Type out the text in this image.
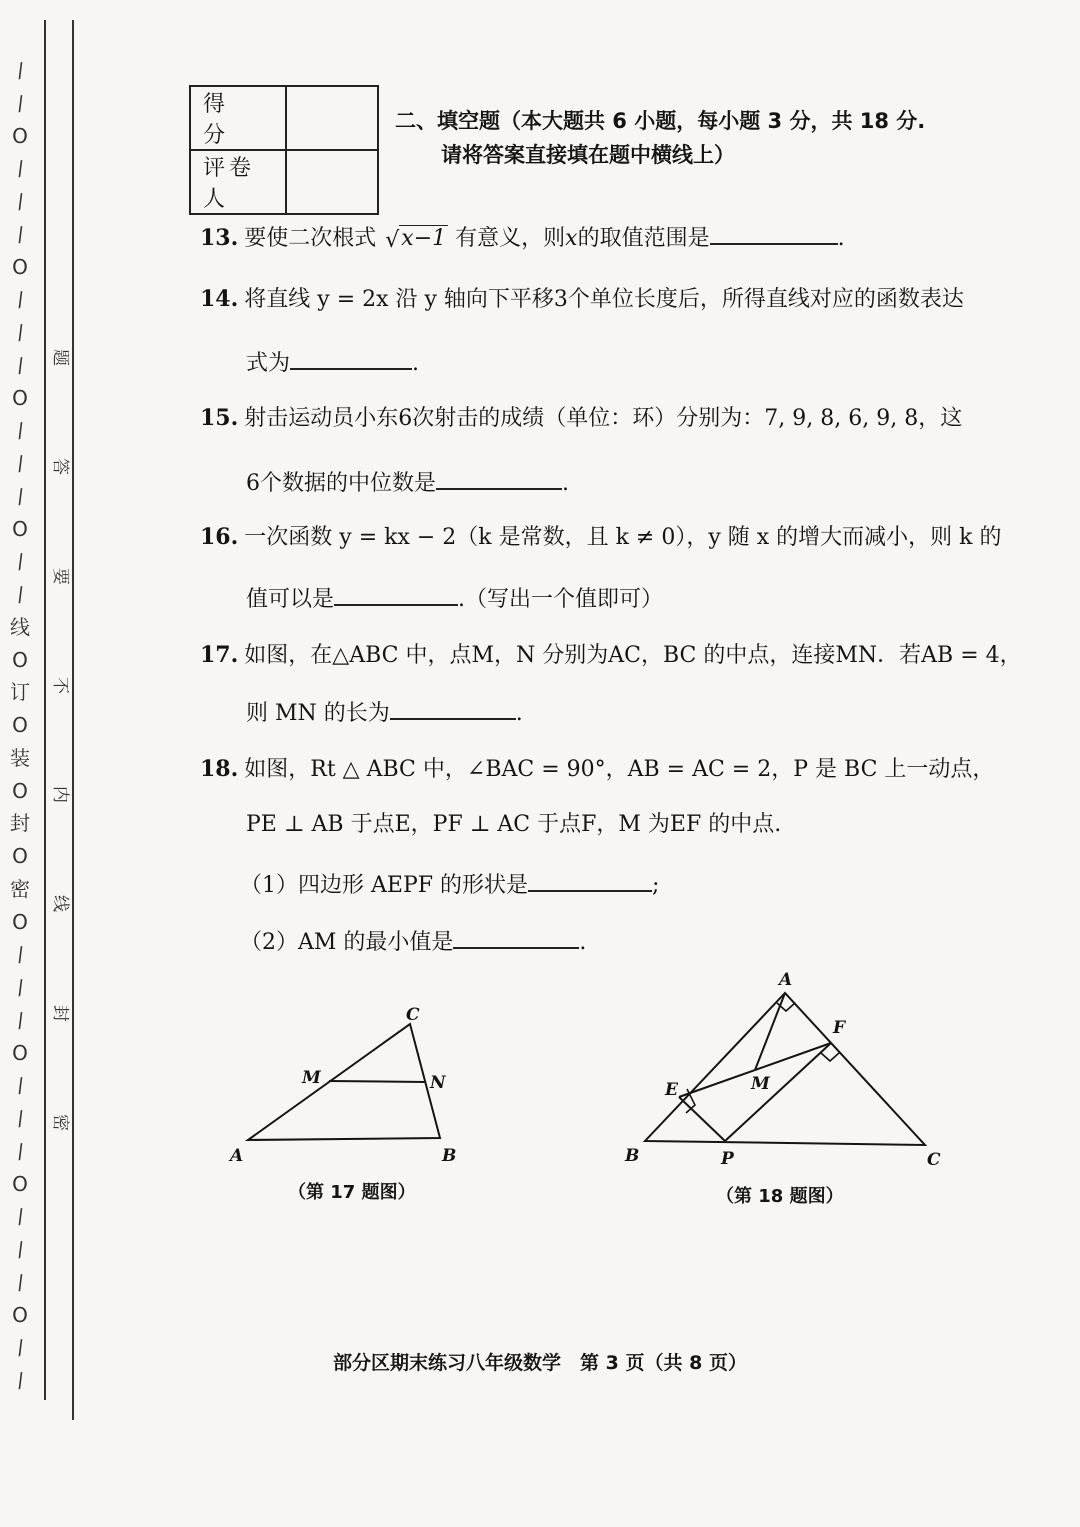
/
/
O
/
/
/
O
/
/
/
O
/
/
/
O
/
/
线
O
订
O
装
O
封
O
密
O
/
/
/
O
/
/
/
O
/
/
/
O
/
/
题
答
要
不
内
线
封
密
得　分	
评卷人	
二、填空题（本大题共 6 小题，每小题 3 分，共 18 分.
请将答案直接填在题中横线上）
13. 要使二次根式 √ x−1 有意义，则x的取值范围是	.
14. 将直线 y = 2x 沿 y 轴向下平移3个单位长度后，所得直线对应的函数表达
式为	.
15. 射击运动员小东6次射击的成绩（单位：环）分别为：7, 9, 8, 6, 9, 8，这
6个数据的中位数是	.
16. 一次函数 y = kx − 2（k 是常数，且 k ≠ 0），y 随 x 的增大而减小，则 k 的
值可以是	.（写出一个值即可）
17. 如图，在△ABC 中，点M，N 分别为AC，BC 的中点，连接MN．若AB = 4，
则 MN 的长为	.
18. 如图，Rt △ ABC 中，∠BAC = 90°，AB = AC = 2，P 是 BC 上一动点，
PE ⊥ AB 于点E，PF ⊥ AC 于点F，M 为EF 的中点.
（1）四边形 AEPF 的形状是	;
（2）AM 的最小值是	.
A	B
C
M	N
（第 17 题图）
A
B	C
E
F
M
P
（第 18 题图）
部分区期末练习八年级数学　第 3 页（共 8 页）
